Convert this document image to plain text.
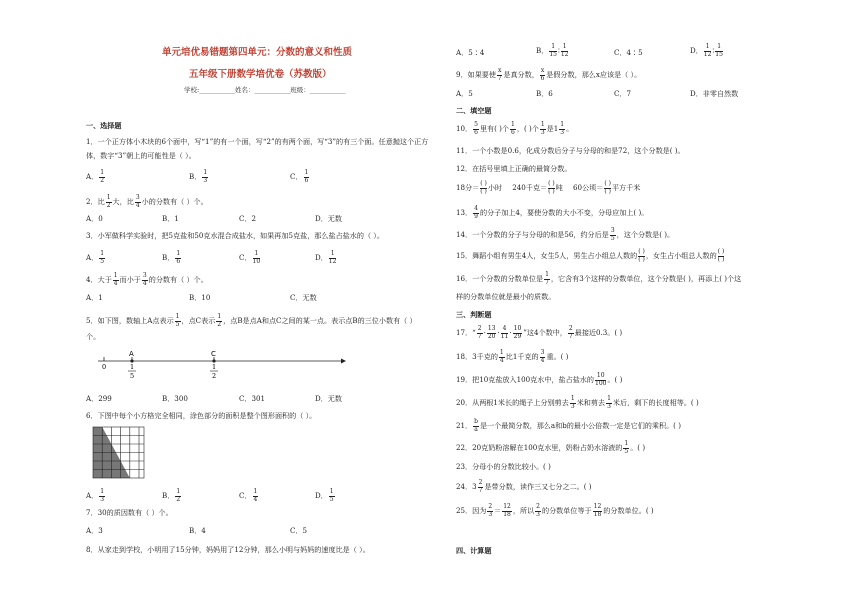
单元培优易错题第四单元：分数的意义和性质
五年级下册数学培优卷（苏教版）
学校:___________姓名：___________班级：___________
一、选择题
1．一个正方体小木块的6个面中，写“1”的有一个面，写“2”的有两个面，写“3”的有三个面。任意抛这个正方
体，数字“3”朝上的可能性是（ ）。
A． $\frac{1}{2}$	B． $\frac{1}{3}$	C． $\frac{1}{6}$
2．比 $\frac{1}{2}$ 大，比 $\frac{3}{4}$ 小的分数有（ ）个。
A．0	B．1	C．2	D．无数
3．小军做科学实验时，把5克盐和50克水混合成盐水，如果再加5克盐，那么盐占盐水的（ ）。
A． $\frac{1}{5}$	B． $\frac{1}{6}$	C． $\frac{1}{10}$	D． $\frac{1}{12}$
4．大于 $\frac{1}{4}$ 而小于 $\frac{3}{4}$ 的分数有（ ）个。
A．1	B．10	C．无数
5．如下图，数轴上A点表示 $\frac{1}{5}$ ，点C表示 $\frac{1}{2}$ ，点B是点A和点C之间的某一点。表示点B的三位小数有（ ）
个。
A	C
0	1
5
1
2
A．299	B．300	C．301	D．无数
6．下图中每个小方格完全相同，涂色部分的面积是整个图形面积的（ ）。
A． $\frac{1}{3}$	B． $\frac{1}{2}$	C． $\frac{1}{4}$	D． $\frac{1}{5}$
7．30的质因数有（ ）个。
A．3	B．4	C．5
8．从家走到学校，小明用了15分钟，妈妈用了12分钟，那么小明与妈妈的速度比是（ ）。
A．5∶4	B． $\frac{1}{15}$ ∶ $\frac{1}{12}$	C．4∶5	D． $\frac{1}{12}$ ∶ $\frac{1}{15}$
9．如果要使 $\frac{x}{7}$ 是真分数， $\frac{x}{6}$ 是假分数，那么x应该是（ ）。
A．5	B．6	C．7	D．非零自然数
二、填空题
10． $\frac{5}{6}$ 里有( )个 $\frac{1}{6}$ ，( )个 $\frac{1}{3}$ 是$1 \frac{1}{3}$ 。
11．一个小数是0.6，化成分数后分子与分母的和是72，这个分数是( )。
12．在括号里填上正确的最简分数。
18分＝ ( )
( ) 小时 240千克＝ ( )
( ) 吨 60公顷＝ ( )
( ) 平方千米
13． $\frac{4}{9}$ 的分子加上4，要使分数的大小不变，分母应加上( )。
14．一个分数的分子与分母的和是56，约分后是 $\frac{3}{5}$ ，这个分数是( )。
15．舞蹈小组有男生4人，女生5人，男生占小组总人数的 ( )
( ) ，女生占小组总人数的 ( )
( )
16．一个分数的分数单位是 $\frac{1}{7}$ ，它含有3个这样的分数单位，这个分数是( )，再添上( )个这
样的分数单位就是最小的质数。
三、判断题
17．“ $\frac{2}{7} \cdot \frac{13}{20} \cdot \frac{4}{11} \cdot \frac{10}{29}$ ”这4个数中， $\frac{2}{7}$ 最接近0.3。( )
18．3千克的 $\frac{1}{4}$ 比1千克的 $\frac{3}{4}$ 重。( )
19．把10克盐放入100克水中，盐占盐水的 $\frac{10}{100}$ 。( )
20．从两根1米长的绳子上分别剪去 $\frac{1}{3}$ 米和剪去 $\frac{1}{3}$ 米后，剩下的长度相等。( )
21． $\frac{b}{a}$ 是一个最简分数，那么a和b的最小公倍数一定是它们的乘积。( )
22．20克奶粉溶解在100克水里，奶粉占奶水溶液的 $\frac{1}{5}$ 。( )
23．分母小的分数比较小。( )
24．$3 \frac{2}{7}$ 是带分数，读作三又七分之二。( )
25．因为 $\frac{2}{3} = \frac{12}{18}$ ，所以 $\frac{2}{3}$ 的分数单位等于 $\frac{12}{18}$ 的分数单位。( )
四、计算题
